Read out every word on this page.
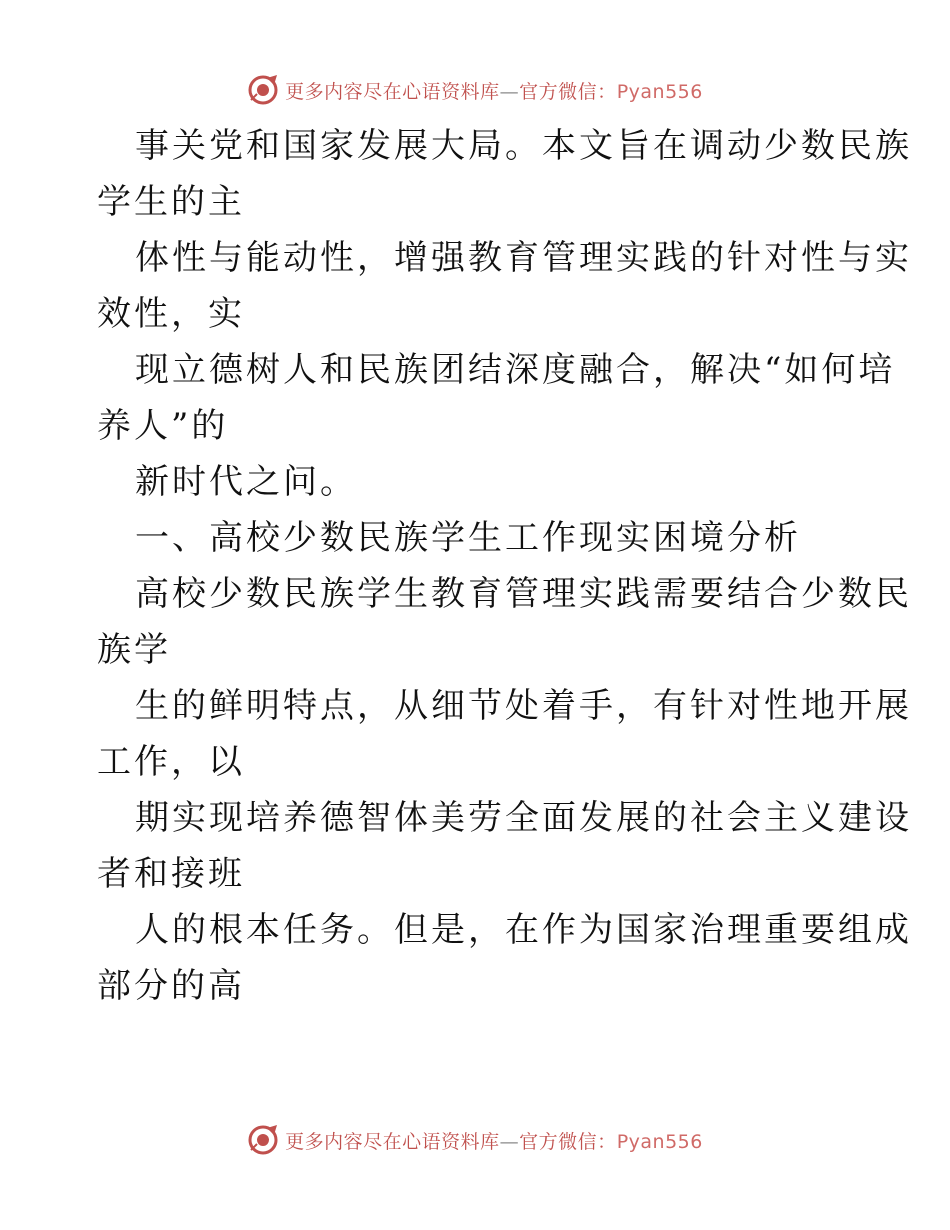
更多内容尽在心语资料库—官方微信：Pyan556
事关党和国家发展大局。本文旨在调动少数民族
学生的主
体性与能动性，增强教育管理实践的针对性与实
效性，实
现立德树人和民族团结深度融合，解决“如何培
养人”的
新时代之问。
一、高校少数民族学生工作现实困境分析
高校少数民族学生教育管理实践需要结合少数民
族学
生的鲜明特点，从细节处着手，有针对性地开展
工作，以
期实现培养德智体美劳全面发展的社会主义建设
者和接班
人的根本任务。但是，在作为国家治理重要组成
部分的高
更多内容尽在心语资料库—官方微信：Pyan556
